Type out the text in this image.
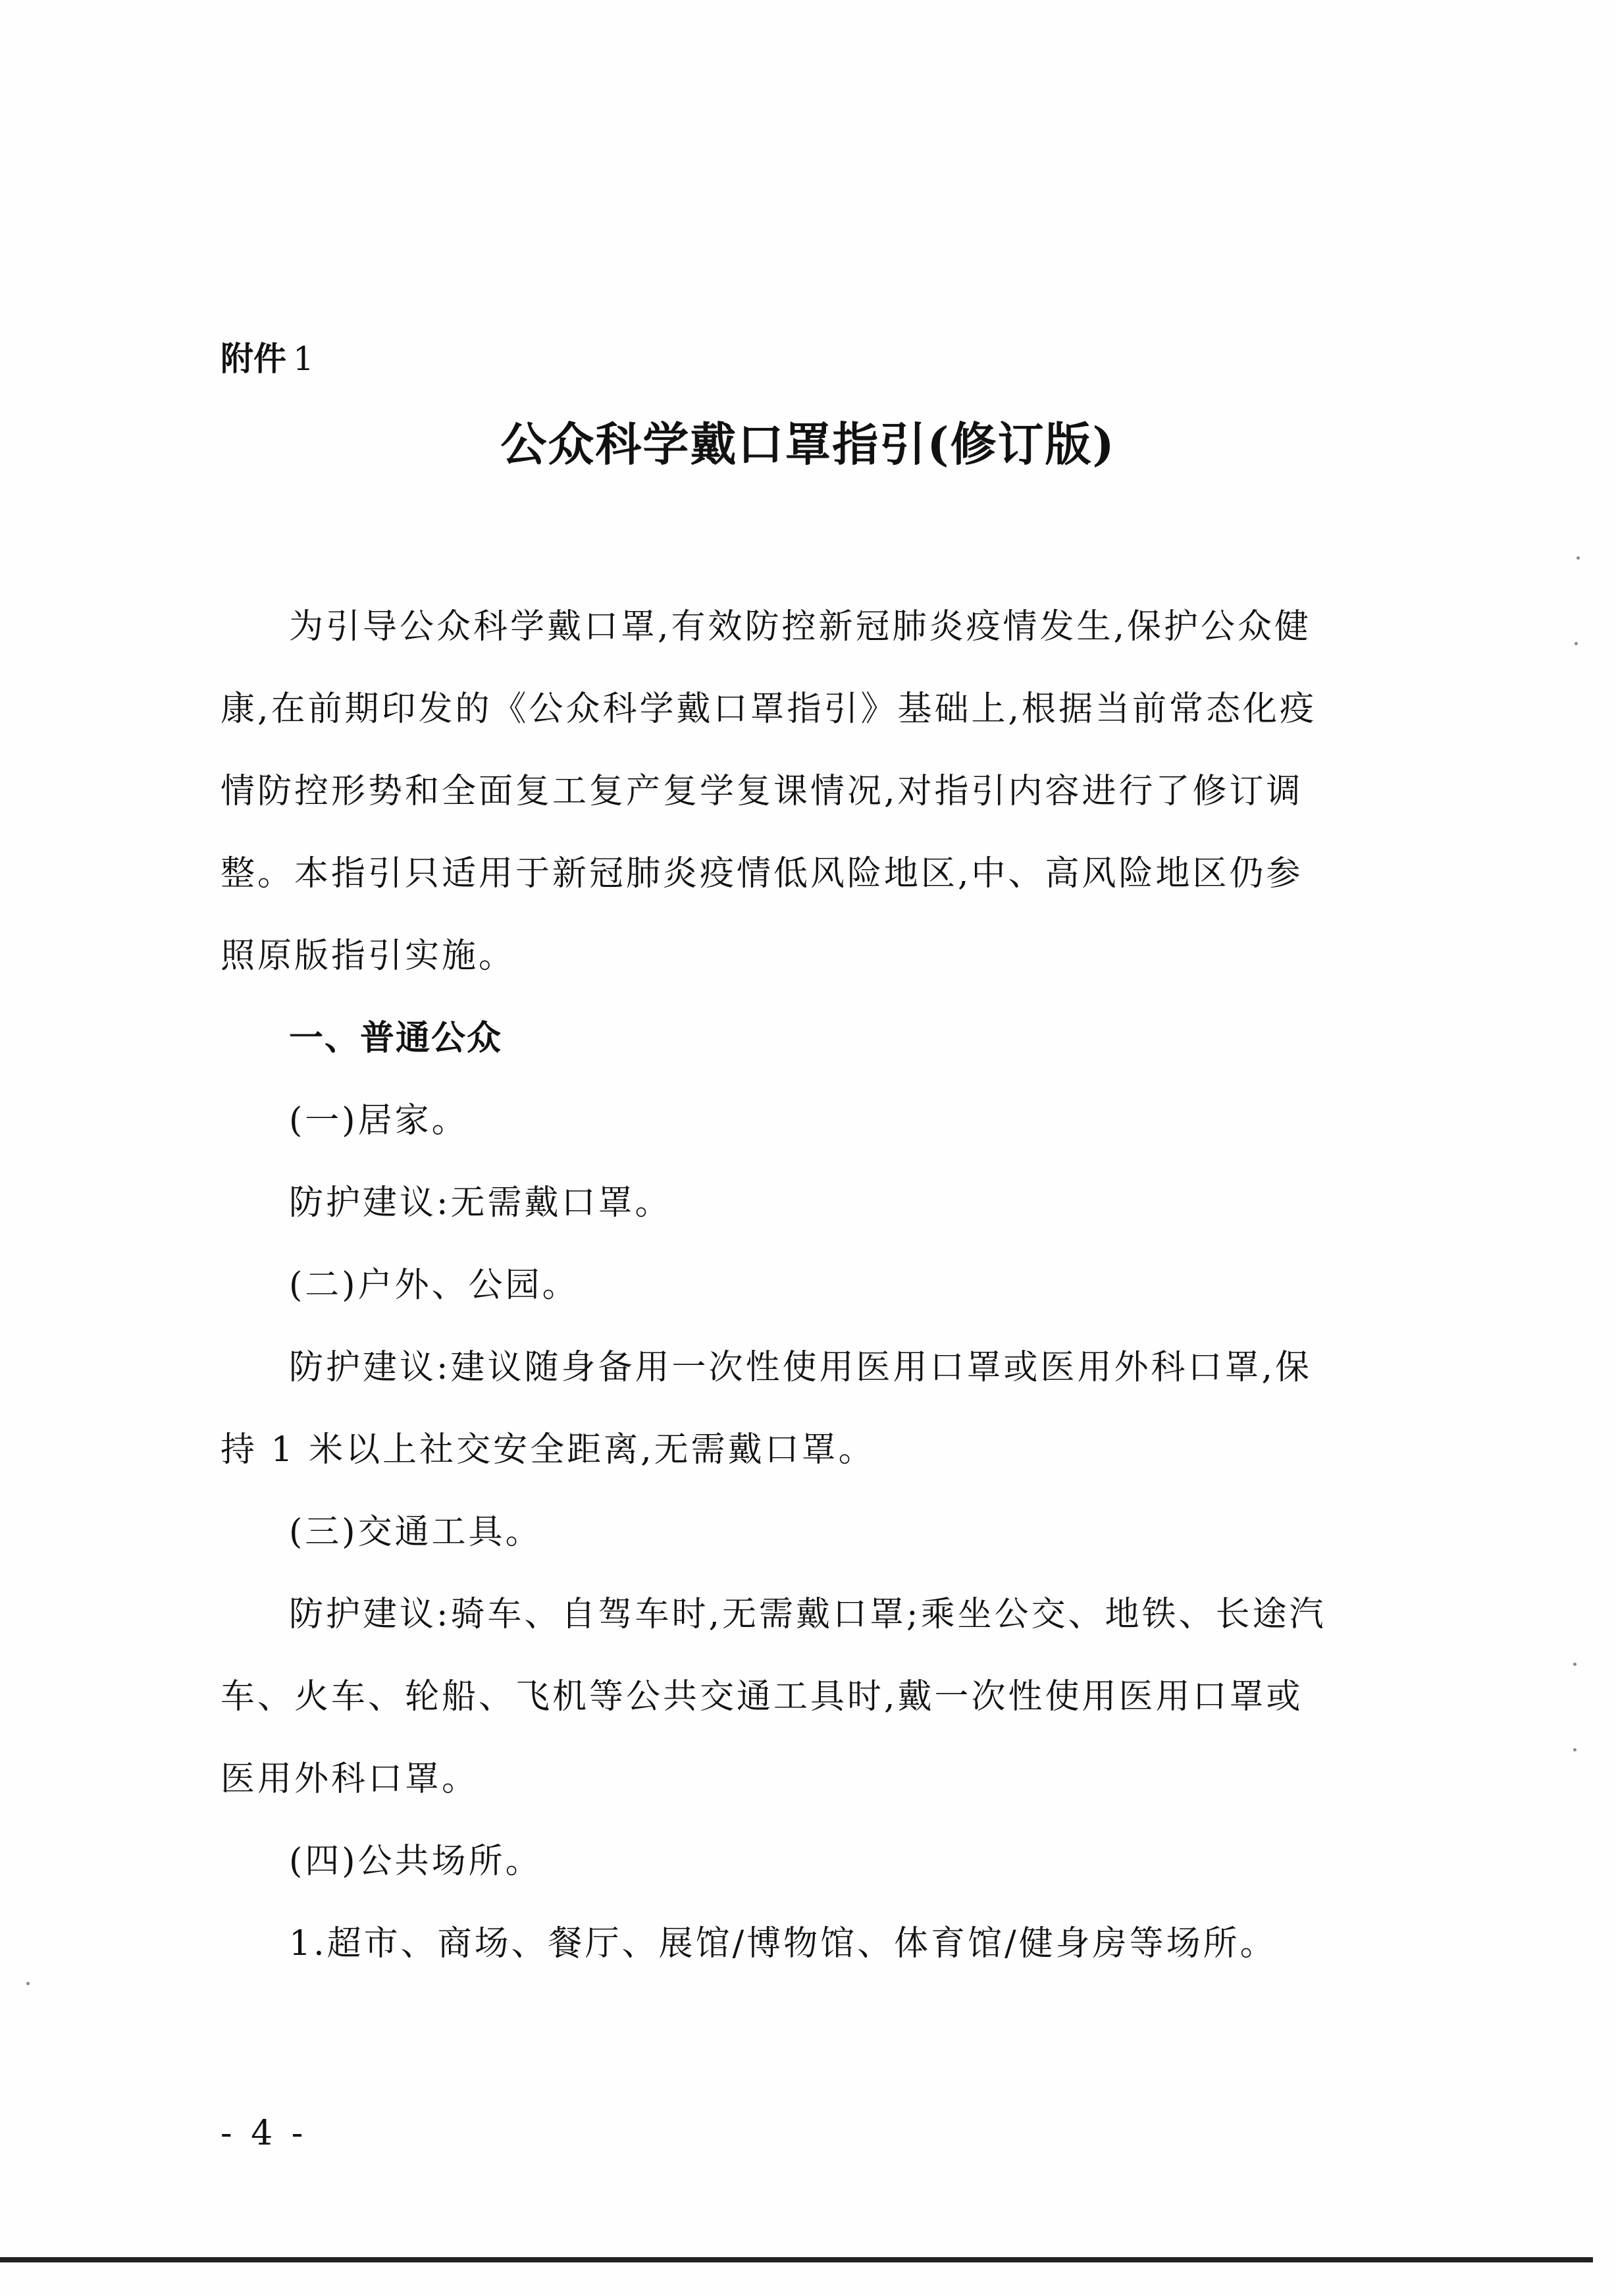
附件 1
公众科学戴口罩指引(修订版)

为引导公众科学戴口罩,有效防控新冠肺炎疫情发生,保护公众健康,在前期印发的《公众科学戴口罩指引》基础上,根据当前常态化疫情防控形势和全面复工复产复学复课情况,对指引内容进行了修订调整。本指引只适用于新冠肺炎疫情低风险地区,中、高风险地区仍参照原版指引实施。

一、普通公众

(一)居家。

防护建议:无需戴口罩。

(二)户外、公园。

防护建议:建议随身备用一次性使用医用口罩或医用外科口罩,保持 1 米以上社交安全距离,无需戴口罩。

(三)交通工具。

防护建议:骑车、自驾车时,无需戴口罩;乘坐公交、地铁、长途汽车、火车、轮船、飞机等公共交通工具时,戴一次性使用医用口罩或医用外科口罩。

(四)公共场所。

1.超市、商场、餐厅、展馆/博物馆、体育馆/健身房等场所。

- 4 -
